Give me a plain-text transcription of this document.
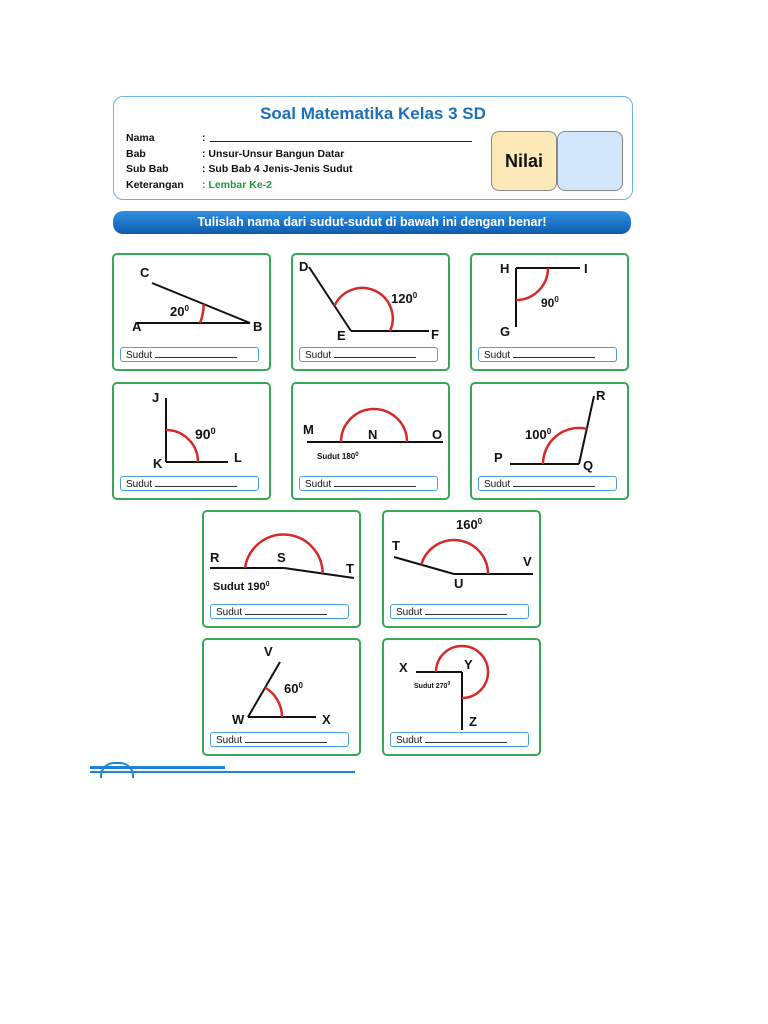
Soal Matematika Kelas 3 SD
Nama	:
Bab	: Unsur-Unsur Bangun Datar
Sub Bab	: Sub Bab 4 Jenis-Jenis Sudut
Keterangan	: Lembar Ke-2
Nilai
Tulislah nama dari sudut-sudut di bawah ini dengan benar!
C
A	B
$20^0$
Sudut
D
E	F
$120^0$
Sudut
H	I
G
$90^0$
Sudut
J
K	L
$90^0$
Sudut
M	N	O
Sudut $180^0$
Sudut
R
P
Q
$100^0$
Sudut
R	S
T
Sudut $190^0$
Sudut
T
U
V
$160^0$
Sudut
V
W	X
$60^0$
Sudut
X	Y
Z
Sudut $270^0$
Sudut
